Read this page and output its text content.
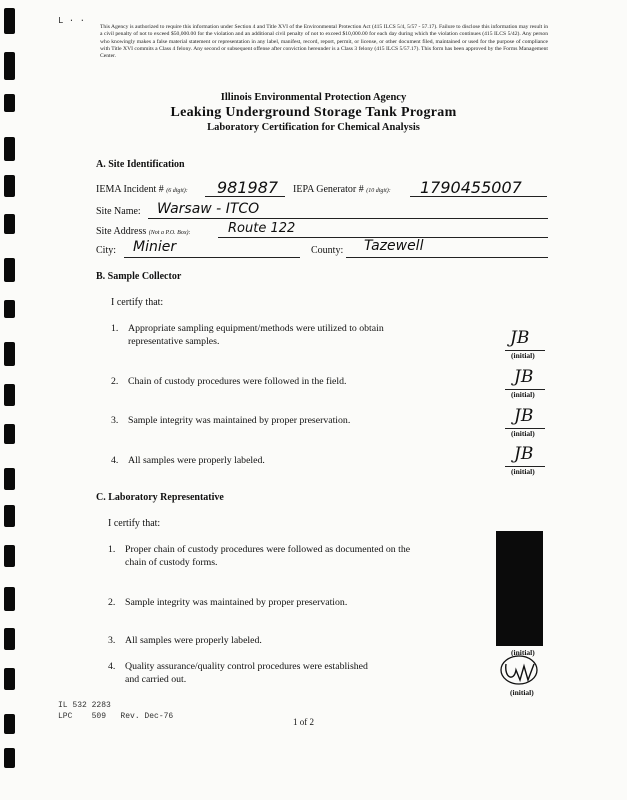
L · ·
This Agency is authorized to require this information under Section 4 and Title XVI of the Environmental Protection Act (415 ILCS 5/4, 5/57 - 57.17). Failure to disclose this information may result in a civil penalty of not to exceed $50,000.00 for the violation and an additional civil penalty of not to exceed $10,000.00 for each day during which the violation continues (415 ILCS 5/42). Any person who knowingly makes a false material statement or representation in any label, manifest, record, report, permit, or license, or other document filed, maintained or used for the purpose of compliance with Title XVI commits a Class 4 felony. Any second or subsequent offense after conviction hereunder is a Class 3 felony (415 ILCS 5/57.17). This form has been approved by the Forms Management Center.
Illinois Environmental Protection Agency
Leaking Underground Storage Tank Program
Laboratory Certification for Chemical Analysis
A. Site Identification
IEMA Incident # (6 digit): 981987 IEPA Generator # (10 digit): 1790455007
Site Name: Warsaw - ITCO
Site Address (Not a P.O. Box):	Route 122
City: Minier	County: Tazewell
B. Sample Collector
I certify that:
1. Appropriate sampling equipment/methods were utilized to obtain representative samples.
2. Chain of custody procedures were followed in the field.
3. Sample integrity was maintained by proper preservation.
4. All samples were properly labeled.
JB
(initial)
JB
(initial)
JB
(initial)
JB
(initial)
C. Laboratory Representative
I certify that:
1. Proper chain of custody procedures were followed as documented on the chain of custody forms.
2. Sample integrity was maintained by proper preservation.
3. All samples were properly labeled.
4. Quality assurance/quality control procedures were established and carried out.
(initial)
(initial)
IL 532 2283
LPC    509   Rev. Dec-76
1 of 2
